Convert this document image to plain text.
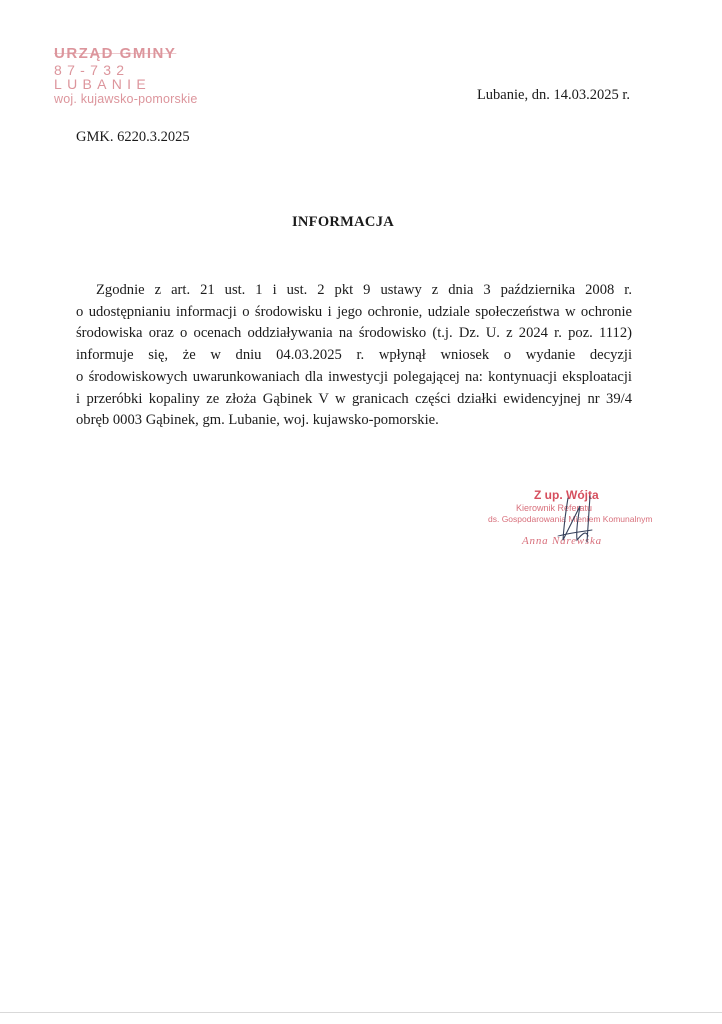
URZĄD GMINY
87-732 LUBANIE
woj. kujawsko-pomorskie	Lubanie, dn. 14.03.2025 r.
GMK. 6220.3.2025
INFORMACJA

Zgodnie z art. 21 ust. 1 i ust. 2 pkt 9 ustawy z dnia 3 października 2008 r.
o udostępnianiu informacji o środowisku i jego ochronie, udziale społeczeństwa w ochronie
środowiska oraz o ocenach oddziaływania na środowisko (t.j. Dz. U. z 2024 r. poz. 1112)
informuje się, że w dniu 04.03.2025 r. wpłynął wniosek o wydanie decyzji
o środowiskowych uwarunkowaniach dla inwestycji polegającej na: kontynuacji eksploatacji
i przeróbki kopaliny ze złoża Gąbinek V w granicach części działki ewidencyjnej nr 39/4
obręb 0003 Gąbinek, gm. Lubanie, woj. kujawsko-pomorskie.

Z up. Wójta
Kierownik Referatu
ds. Gospodarowania Mieniem Komunalnym
Anna Narewska
